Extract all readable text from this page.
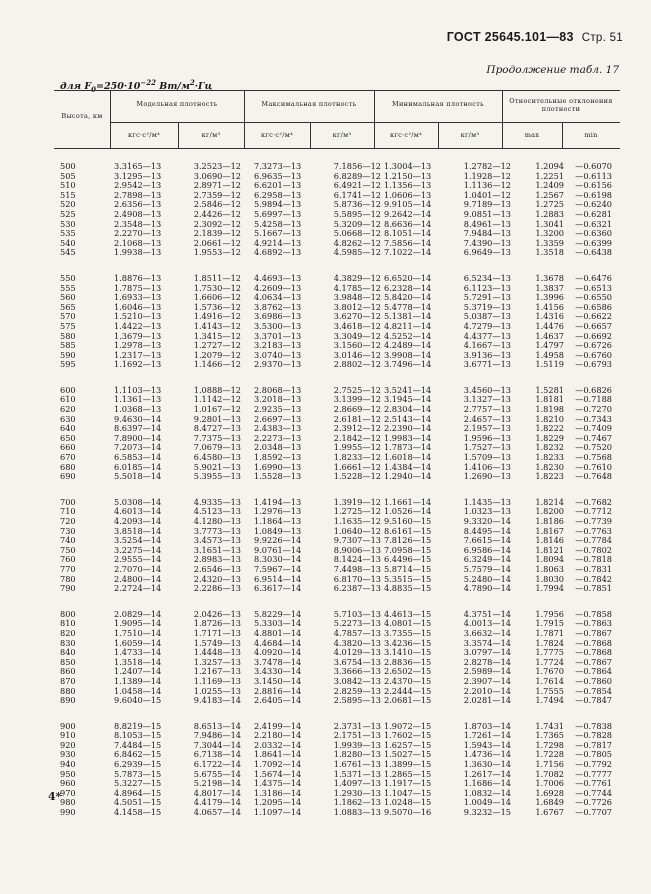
ГОСТ 25645.101—83 Стр. 51
Продолжение табл. 17
для $F_0=250\cdot 10^{-22}$ $Вт/м^2\cdot Гц$
Высота, км
Модельная плотность	Максимальная плотность	Минимальная плотность	Относительные отклонения плотности
кгс·с²/м⁴	кг/м³	кгс·с²/м⁴	кг/м³	кгс·с²/м⁴	кг/м³	max	min
500	3.3165—13	3.2523—12 7.3273—13	7.1856—12 1.3004—13	1.2782—12	1.2094	—0.6070
505	3.1295—13	3.0690—12 6.9635—13	6.8289—12 1.2150—13	1.1928—12	1.2251	—0.6113
510	2.9542—13	2.8971—12 6.6201—13	6.4921—12 1.1356—13	1.1136—12	1.2409	—0.6156
515	2.7898—13	2.7359—12 6.2958—13	6.1741—12 1.0606—13	1.0401—12	1.2567	—0.6198
520	2.6356—13	2.5846—12 5.9894—13	5.8736—12 9.9105—14	9.7189—13	1.2725	—0.6240
525	2.4908—13	2.4426—12 5.6997—13	5.5895—12 9.2642—14	9.0851—13	1.2883	—0.6281
530	2.3548—13	2.3092—12 5.4258—13	5.3209—12 8.6636—14	8.4961—13	1.3041	—0.6321
535	2.2270—13	2.1839—12 5.1667—13	5.0668—12 8.1051—14	7.9484—13	1.3200	—0.6360
540	2.1068—13	2.0661—12 4.9214—13	4.8262—12 7.5856—14	7.4390—13	1.3359	—0.6399
545	1.9938—13	1.9553—12 4.6892—13	4.5985—12 7.1022—14	6.9649—13	1.3518	—0.6438
550	1.8876—13	1.8511—12 4.4693—13	4.3829—12 6.6520—14	6.5234—13	1.3678	—0.6476
555	1.7875—13	1.7530—12 4.2609—13	4.1785—12 6.2328—14	6.1123—13	1.3837	—0.6513
560	1.6933—13	1.6606—12 4.0634—13	3.9848—12 5.8420—14	5.7291—13	1.3996	—0.6550
565	1.6046—13	1.5736—12 3.8762—13	3.8012—12 5.4778—14	5.3719—13	1.4156	—0.6586
570	1.5210—13	1.4916—12 3.6986—13	3.6270—12 5.1381—14	5.0387—13	1.4316	—0.6622
575	1.4422—13	1.4143—12 3.5300—13	3.4618—12 4.8211—14	4.7279—13	1.4476	—0.6657
580	1.3679—13	1.3415—12 3.3701—13	3.3049—12 4.5252—14	4.4377—13	1.4637	—0.6692
585	1.2978—13	1.2727—12 3.2183—13	3.1560—12 4.2489—14	4.1667—13	1.4797	—0.6726
590	1.2317—13	1.2079—12 3.0740—13	3.0146—12 3.9908—14	3.9136—13	1.4958	—0.6760
595	1.1692—13	1.1466—12 2.9370—13	2.8802—12 3.7496—14	3.6771—13	1.5119	—0.6793
600	1.1103—13	1.0888—12 2.8068—13	2.7525—12 3.5241—14	3.4560—13	1.5281	—0.6826
610	1.1361—13	1.1142—12 3.2018—13	3.1399—12 3.1945—14	3.1327—13	1.8181	—0.7188
620	1.0368—13	1.0167—12 2.9235—13	2.8669—12 2.8304—14	2.7757—13	1.8198	—0.7270
630	9.4630—14	9.2801—13 2.6697—13	2.6181—12 2.5143—14	2.4657—13	1.8210	—0.7343
640	8.6397—14	8.4727—13 2.4383—13	2.3912—12 2.2390—14	2.1957—13	1.8222	—0.7409
650	7.8900—14	7.7375—13 2.2273—13	2.1842—12 1.9983—14	1.9596—13	1.8229	—0.7467
660	7.2073—14	7.0679—13 2.0348—13	1.9955—12 1.7873—14	1.7527—13	1.8232	—0.7520
670	6.5853—14	6.4580—13 1.8592—13	1.8233—12 1.6018—14	1.5709—13	1.8233	—0.7568
680	6.0185—14	5.9021—13 1.6990—13	1.6661—12 1.4384—14	1.4106—13	1.8230	—0.7610
690	5.5018—14	5.3955—13 1.5528—13	1.5228—12 1.2940—14	1.2690—13	1.8223	—0.7648
700	5.0308—14	4.9335—13 1.4194—13	1.3919—12 1.1661—14	1.1435—13	1.8214	—0.7682
710	4.6013—14	4.5123—13 1.2976—13	1.2725—12 1.0526—14	1.0323—13	1.8200	—0.7712
720	4.2093—14	4.1280—13 1.1864—13	1.1635—12 9.5160—15	9.3320—14	1.8186	—0.7739
730	3.8518—14	3.7773—13 1.0849—13	1.0640—12 8.6161—15	8.4495—14	1.8167	—0.7763
740	3.5254—14	3.4573—13 9.9226—14	9.7307—13 7.8126—15	7.6615—14	1.8146	—0.7784
750	3.2275—14	3.1651—13 9.0761—14	8.9006—13 7.0958—15	6.9586—14	1.8121	—0.7802
760	2.9555—14	2.8983—13 8.3030—14	8.1424—13 6.4496—15	6.3249—14	1.8094	—0.7818
770	2.7070—14	2.6546—13 7.5967—14	7.4498—13 5.8714—15	5.7579—14	1.8063	—0.7831
780	2.4800—14	2.4320—13 6.9514—14	6.8170—13 5.3515—15	5.2480—14	1.8030	—0.7842
790	2.2724—14	2.2286—13 6.3617—14	6.2387—13 4.8835—15	4.7890—14	1.7994	—0.7851
800	2.0829—14	2.0426—13 5.8229—14	5.7103—13 4.4613—15	4.3751—14	1.7956	—0.7858
810	1.9095—14	1.8726—13 5.3303—14	5.2273—13 4.0801—15	4.0013—14	1.7915	—0.7863
820	1.7510—14	1.7171—13 4.8801—14	4.7857—13 3.7355—15	3.6632—14	1.7871	—0.7867
830	1.6059—14	1.5749—13 4.4684—14	4.3820—13 3.4236—15	3.3574—14	1.7824	—0.7868
840	1.4733—14	1.4448—13 4.0920—14	4.0129—13 3.1410—15	3.0797—14	1.7775	—0.7868
850	1.3518—14	1.3257—13 3.7478—14	3.6754—13 2.8836—15	2.8278—14	1.7724	—0.7867
860	1.2407—14	1.2167—13 3.4330—14	3.3666—13 2.6502—15	2.5989—14	1.7670	—0.7864
870	1.1389—14	1.1169—13 3.1450—14	3.0842—13 2.4370—15	2.3907—14	1.7614	—0.7860
880	1.0458—14	1.0255—13 2.8816—14	2.8259—13 2.2444—15	2.2010—14	1.7555	—0.7854
890	9.6040—15	9.4183—14 2.6405—14	2.5895—13 2.0681—15	2.0281—14	1.7494	—0.7847
900	8.8219—15	8.6513—14 2.4199—14	2.3731—13 1.9072—15	1.8703—14	1.7431	—0.7838
910	8.1053—15	7.9486—14 2.2180—14	2.1751—13 1.7602—15	1.7261—14	1.7365	—0.7828
920	7.4484—15	7.3044—14 2.0332—14	1.9939—13 1.6257—15	1.5943—14	1.7298	—0.7817
930	6.8462—15	6.7138—14 1.8641—14	1.8280—13 1.5027—15	1.4736—14	1.7228	—0.7805
940	6.2939—15	6.1722—14 1.7092—14	1.6761—13 1.3899—15	1.3630—14	1.7156	—0.7792
950	5.7873—15	5.6755—14 1.5674—14	1.5371—13 1.2865—15	1.2617—14	1.7082	—0.7777
960	5.3227—15	5.2198—14 1.4375—14	1.4097—13 1.1917—15	1.1686—14	1.7006	—0.7761
970	4.8964—15	4.8017—14 1.3186—14	1.2930—13 1.1047—15	1.0832—14	1.6928	—0.7744
980	4.5051—15	4.4179—14 1.2095—14	1.1862—13 1.0248—15	1.0049—14	1.6849	—0.7726
990	4.1458—15	4.0657—14 1.1097—14	1.0883—13 9.5070—16	9.3232—15	1.6767	—0.7707
4*
